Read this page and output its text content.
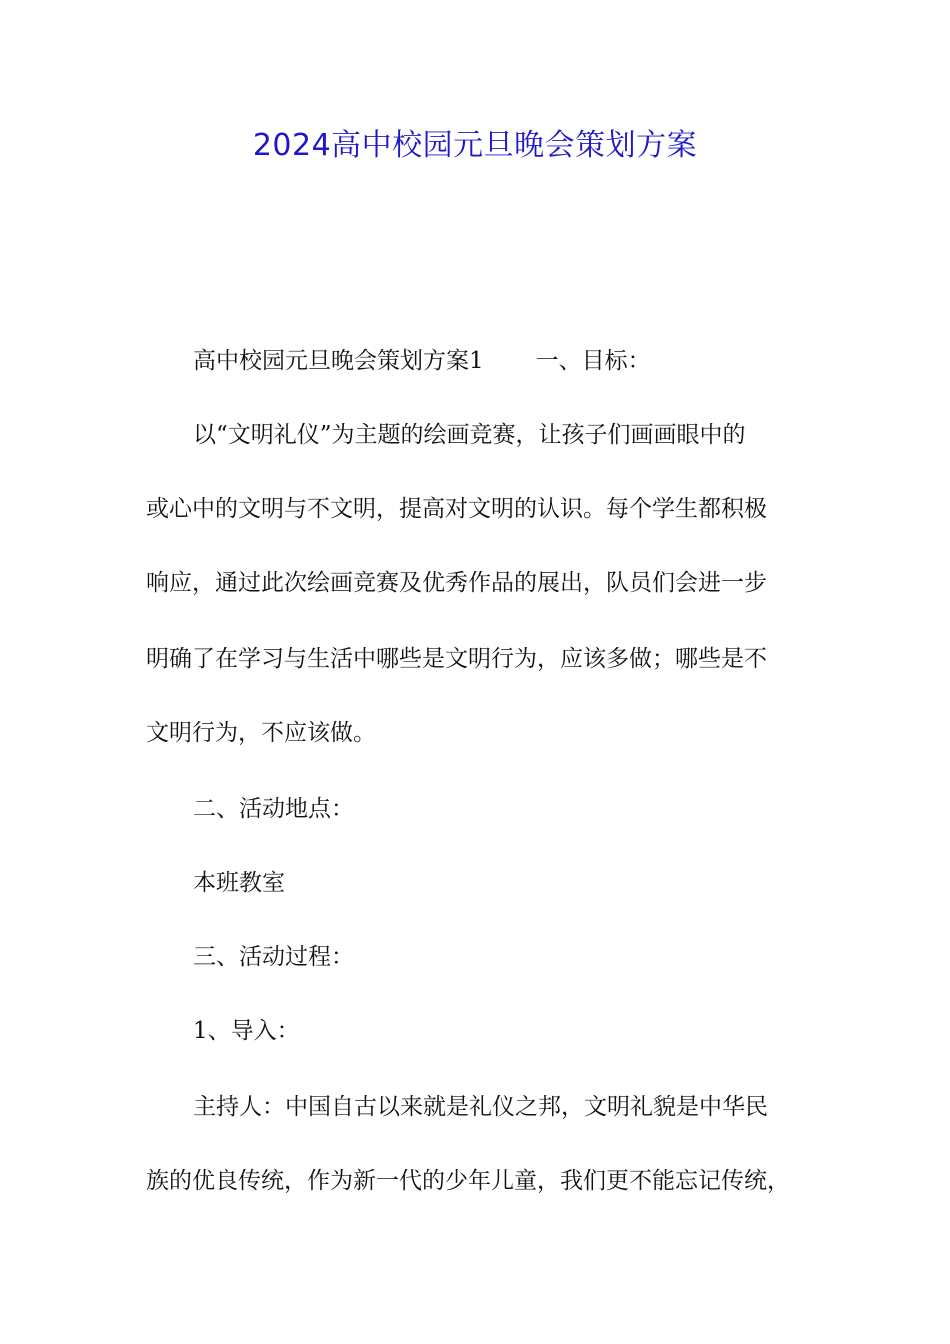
2024高中校园元旦晚会策划方案
高中校园元旦晚会策划方案1 一、目标：
以“文明礼仪”为主题的绘画竞赛，让孩子们画画眼中的
或心中的文明与不文明，提高对文明的认识。每个学生都积极
响应，通过此次绘画竞赛及优秀作品的展出，队员们会进一步
明确了在学习与生活中哪些是文明行为，应该多做；哪些是不
文明行为，不应该做。
二、活动地点：
本班教室
三、活动过程：
1、导入：
主持人：中国自古以来就是礼仪之邦，文明礼貌是中华民
族的优良传统，作为新一代的少年儿童，我们更不能忘记传统，
